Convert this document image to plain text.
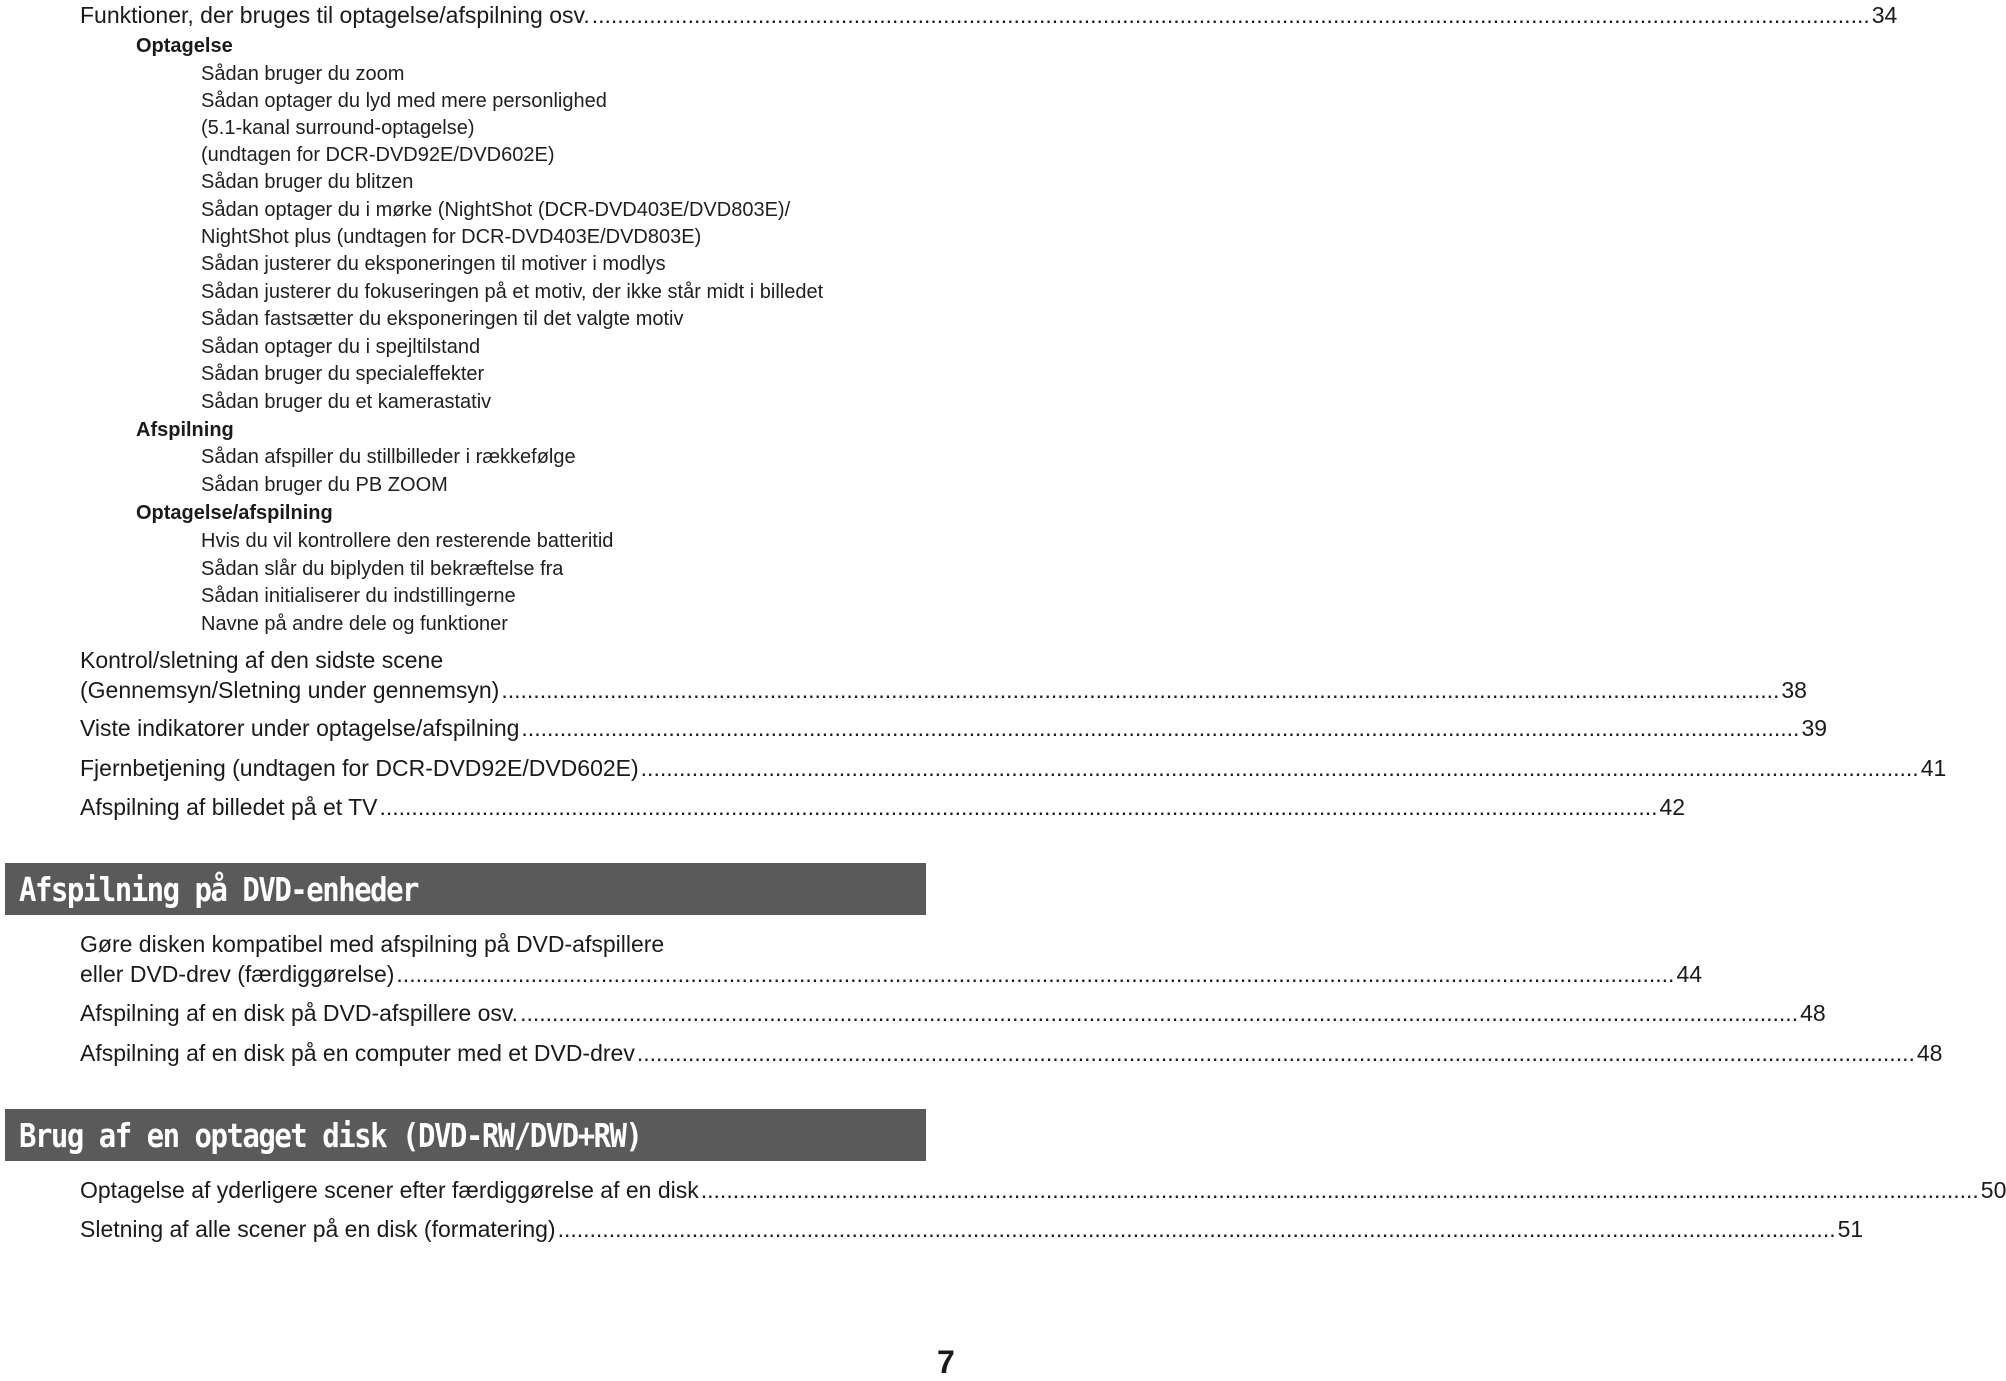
Funktioner, der bruges til optagelse/afspilning osv. ........................................................................................................................................................................................................ 34
Optagelse
Sådan bruger du zoom
Sådan optager du lyd med mere personlighed
(5.1-kanal surround-optagelse)
(undtagen for DCR-DVD92E/DVD602E)
Sådan bruger du blitzen
Sådan optager du i mørke (NightShot (DCR-DVD403E/DVD803E)/
NightShot plus (undtagen for DCR-DVD403E/DVD803E)
Sådan justerer du eksponeringen til motiver i modlys
Sådan justerer du fokuseringen på et motiv, der ikke står midt i billedet
Sådan fastsætter du eksponeringen til det valgte motiv
Sådan optager du i spejltilstand
Sådan bruger du specialeffekter
Sådan bruger du et kamerastativ
Afspilning
Sådan afspiller du stillbilleder i rækkefølge
Sådan bruger du PB ZOOM
Optagelse/afspilning
Hvis du vil kontrollere den resterende batteritid
Sådan slår du biplyden til bekræftelse fra
Sådan initialiserer du indstillingerne
Navne på andre dele og funktioner
Kontrol/sletning af den sidste scene
(Gennemsyn/Sletning under gennemsyn) ........................................................................................................................................................................................................ 38
Viste indikatorer under optagelse/afspilning ........................................................................................................................................................................................................ 39
Fjernbetjening (undtagen for DCR-DVD92E/DVD602E) ........................................................................................................................................................................................................ 41
Afspilning af billedet på et TV ........................................................................................................................................................................................................ 42
Afspilning på DVD-enheder
Gøre disken kompatibel med afspilning på DVD-afspillere
eller DVD-drev (færdiggørelse) ........................................................................................................................................................................................................ 44
Afspilning af en disk på DVD-afspillere osv. ........................................................................................................................................................................................................ 48
Afspilning af en disk på en computer med et DVD-drev ........................................................................................................................................................................................................ 48
Brug af en optaget disk (DVD-RW/DVD+RW)
Optagelse af yderligere scener efter færdiggørelse af en disk ........................................................................................................................................................................................................ 50
Sletning af alle scener på en disk (formatering) ........................................................................................................................................................................................................ 51
7
